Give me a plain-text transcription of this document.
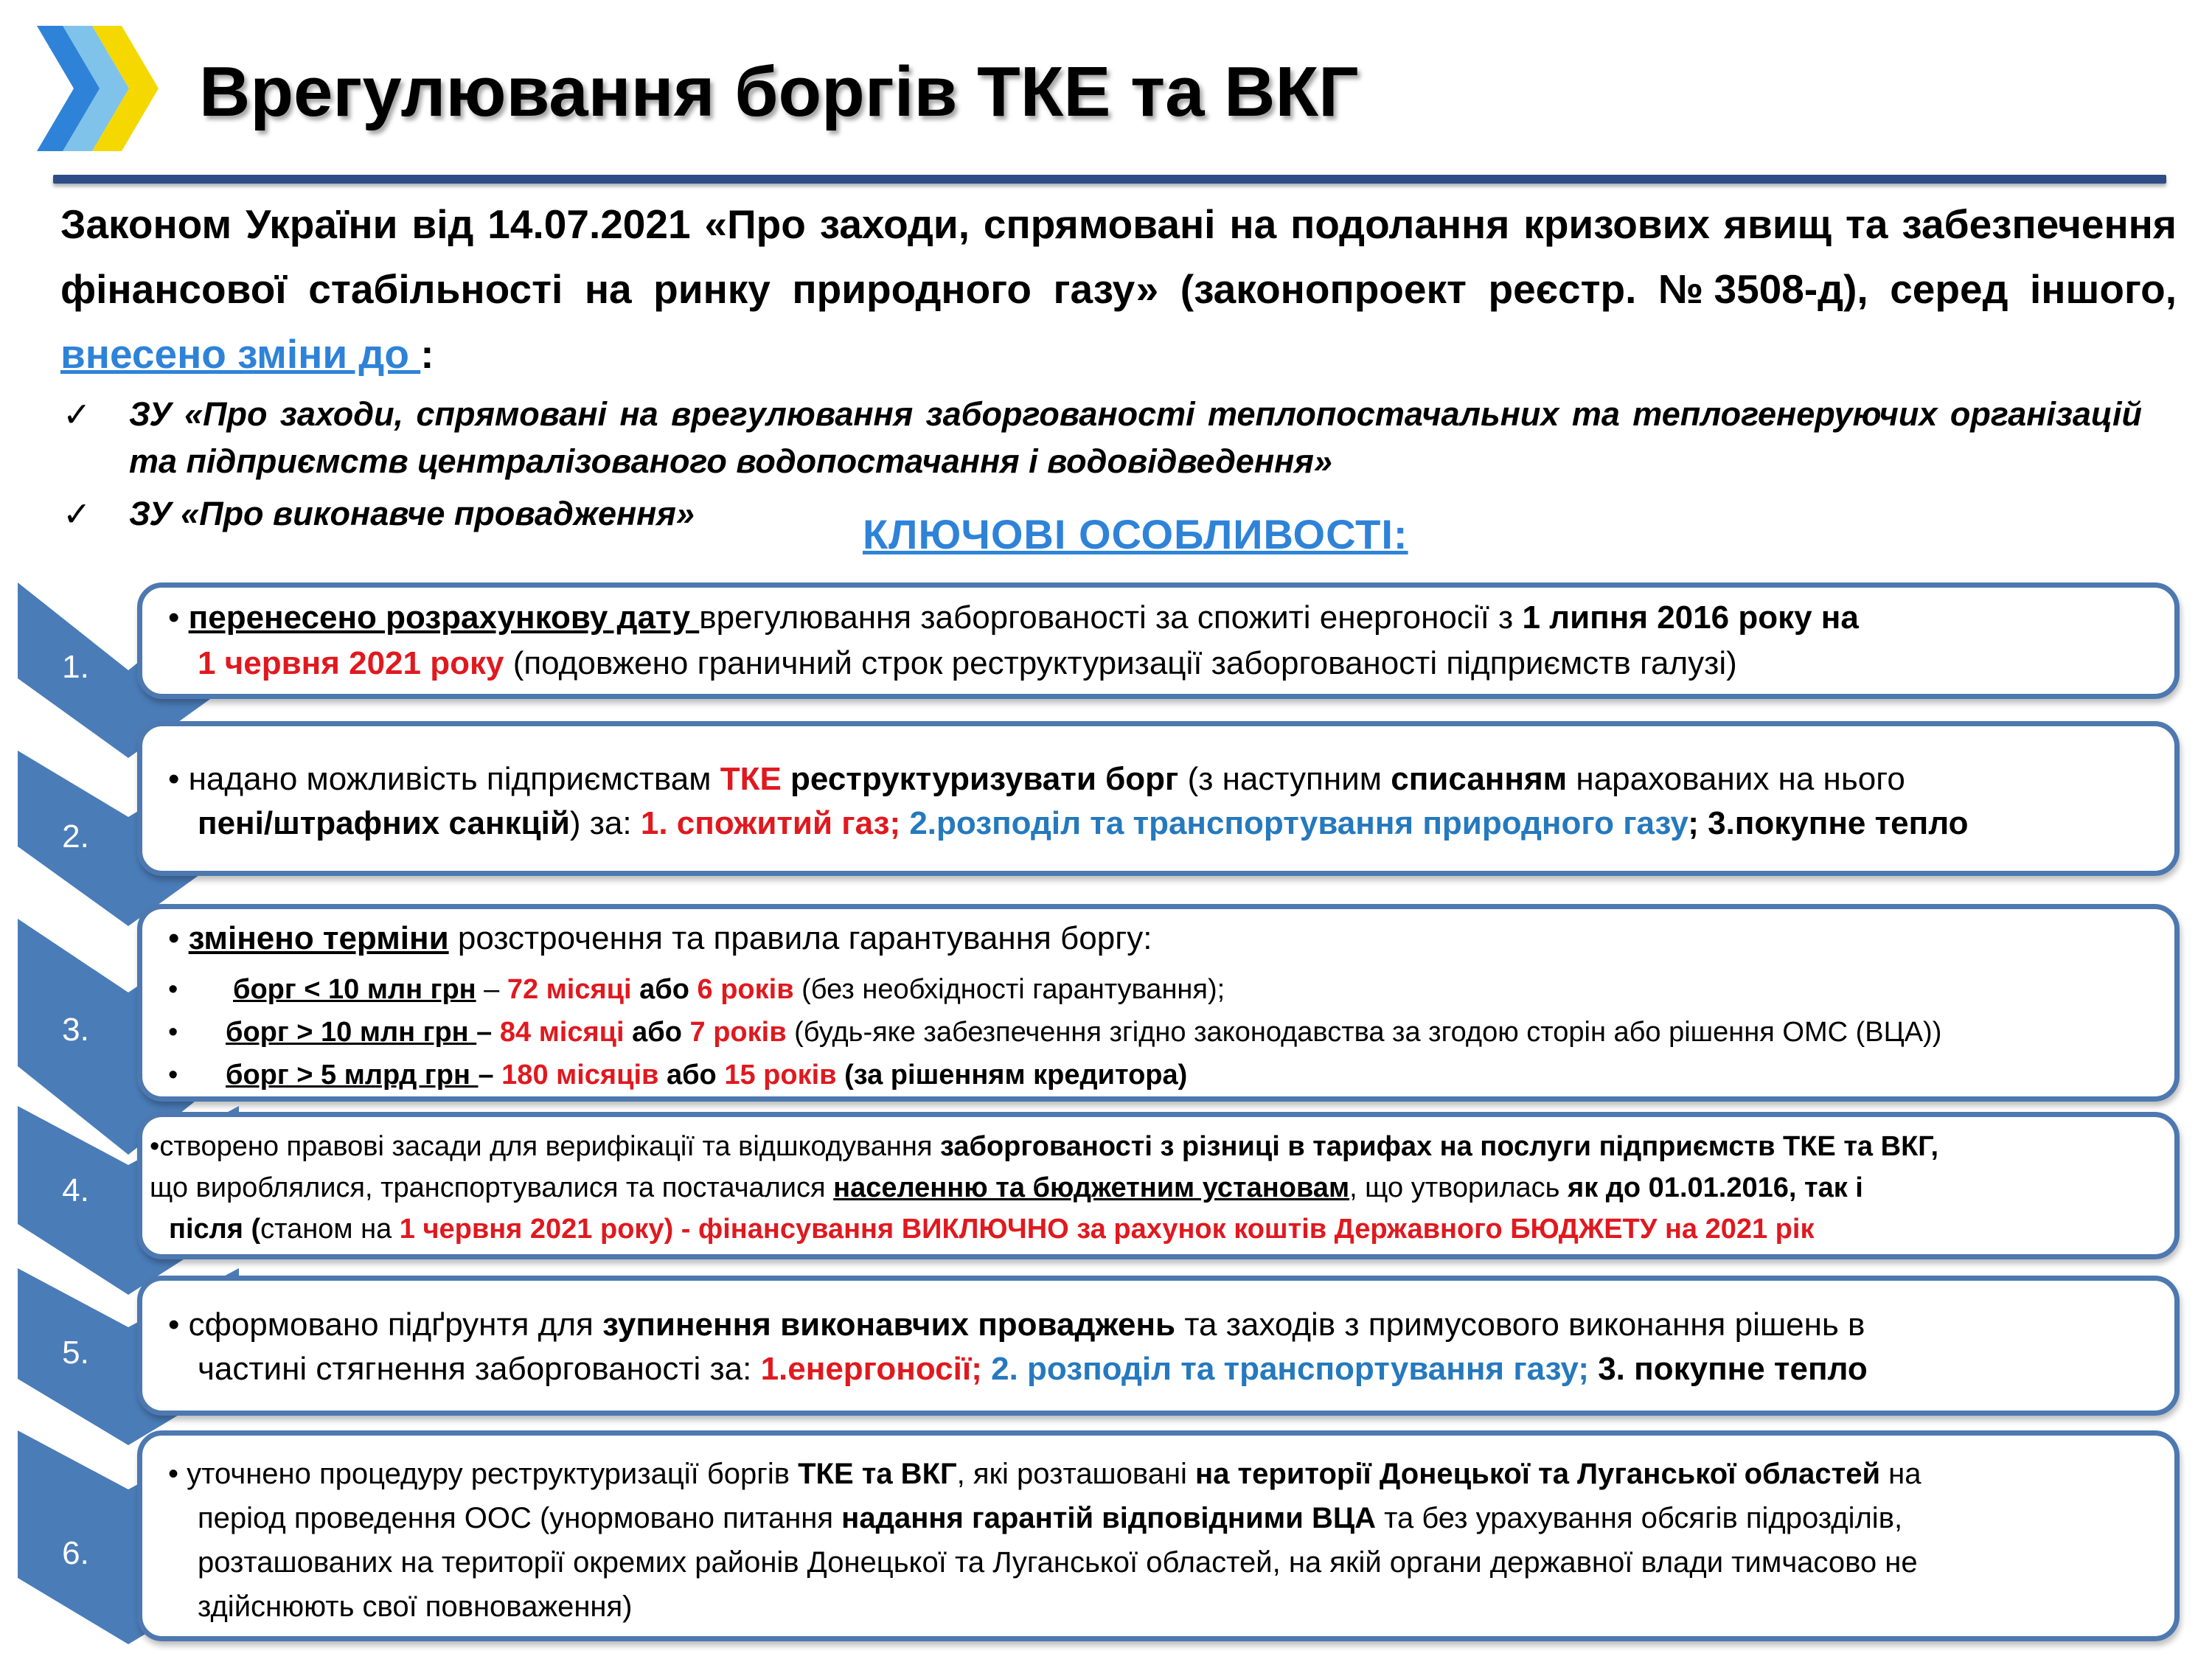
Врегулювання боргів ТКЕ та ВКГ

Законом України від 14.07.2021 «Про заходи, спрямовані на подолання кризових явищ та забезпечення фінансової стабільності на ринку природного газу» (законопроект реєстр. №3508-д), серед іншого, внесено зміни до :

✓ ЗУ «Про заходи, спрямовані на врегулювання заборгованості теплопостачальних та теплогенеруючих організацій та підприємств централізованого водопостачання і водовідведення»
✓ ЗУ «Про виконавче провадження»	КЛЮЧОВІ ОСОБЛИВОСТІ:
1.
• перенесено розрахункову дату врегулювання заборгованості за спожиті енергоносії з 1 липня 2016 року на
1 червня 2021 року (подовжено граничний строк реструктуризації заборгованості підприємств галузі)
2.
• надано можливість підприємствам ТКЕ реструктуризувати борг (з наступним списанням нарахованих на нього
пені/штрафних санкцій) за: 1. спожитий газ; 2.розподіл та транспортування природного газу; 3.покупне тепло
3.
• змінено терміни розстрочення та правила гарантування боргу:
• борг < 10 млн грн – 72 місяці або 6 років (без необхідності гарантування);
• борг > 10 млн грн – 84 місяці або 7 років (будь-яке забезпечення згідно законодавства за згодою сторін або рішення ОМС (ВЦА))
• борг > 5 млрд грн – 180 місяців або 15 років (за рішенням кредитора)
4.
•створено правові засади для верифікації та відшкодування заборгованості з різниці в тарифах на послуги підприємств ТКЕ та ВКГ,
що вироблялися, транспортувалися та постачалися населенню та бюджетним установам, що утворилась як до 01.01.2016, так і
після (станом на 1 червня 2021 року) - фінансування ВИКЛЮЧНО за рахунок коштів Державного БЮДЖЕТУ на 2021 рік
5.
• сформовано підґрунтя для зупинення виконавчих проваджень та заходів з примусового виконання рішень в
частині стягнення заборгованості за: 1.енергоносії; 2. розподіл та транспортування газу; 3. покупне тепло
6.
• уточнено процедуру реструктуризації боргів ТКЕ та ВКГ, які розташовані на території Донецької та Луганської областей на
період проведення ООС (унормовано питання надання гарантій відповідними ВЦА та без урахування обсягів підрозділів,
розташованих на території окремих районів Донецької та Луганської областей, на якій органи державної влади тимчасово не
здійснюють свої повноваження)
